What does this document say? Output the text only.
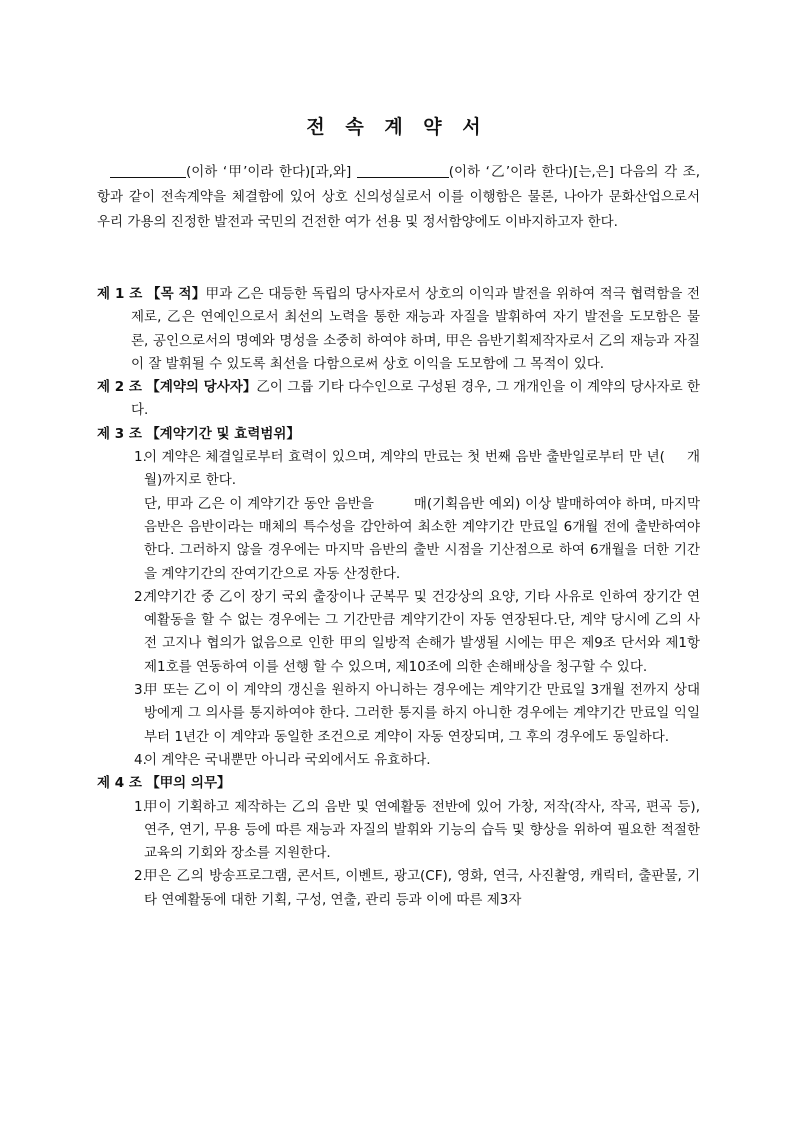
전 속 계 약 서
(이하 ‘甲’이라 한다)[과,와]	(이하 ‘乙’이라 한다)[는,은] 다음의 각 조, 항과 같이 전속계약을 체결함에 있어 상호 신의성실로서 이를 이행함은 물론, 나아가 문화산업으로서 우리 가용의 진정한 발전과 국민의 건전한 여가 선용 및 정서함양에도 이바지하고자 한다.
제 1 조 【목 적】甲과 乙은 대등한 독립의 당사자로서 상호의 이익과 발전을 위하여 적극 협력함을 전제로, 乙은 연예인으로서 최선의 노력을 통한 재능과 자질을 발휘하여 자기 발전을 도모함은 물론, 공인으로서의 명예와 명성을 소중히 하여야 하며, 甲은 음반기획제작자로서 乙의 재능과 자질이 잘 발휘될 수 있도록 최선을 다함으로써 상호 이익을 도모함에 그 목적이 있다.
제 2 조 【계약의 당사자】乙이 그룹 기타 다수인으로 구성된 경우, 그 개개인을 이 계약의 당사자로 한다.
제 3 조 【계약기간 및 효력범위】
1.
이 계약은 체결일로부터 효력이 있으며, 계약의 만료는 첫 번째 음반 출반일로부터 만 년( 개월)까지로 한다.
단, 甲과 乙은 이 계약기간 동안 음반을	매(기획음반 예외) 이상 발매하여야 하며, 마지막 음반은 음반이라는 매체의 특수성을 감안하여 최소한 계약기간 만료일 6개월 전에 출반하여야 한다. 그러하지 않을 경우에는 마지막 음반의 출반 시점을 기산점으로 하여 6개월을 더한 기간을 계약기간의 잔여기간으로 자동 산정한다.
2.
계약기간 중 乙이 장기 국외 출장이나 군복무 및 건강상의 요양, 기타 사유로 인하여 장기간 연예활동을 할 수 없는 경우에는 그 기간만큼 계약기간이 자동 연장된다.단, 계약 당시에 乙의 사전 고지나 협의가 없음으로 인한 甲의 일방적 손해가 발생될 시에는 甲은 제9조 단서와 제1항 제1호를 연동하여 이를 선행 할 수 있으며, 제10조에 의한 손해배상을 청구할 수 있다.
3.
甲 또는 乙이 이 계약의 갱신을 원하지 아니하는 경우에는 계약기간 만료일 3개월 전까지 상대방에게 그 의사를 통지하여야 한다. 그러한 통지를 하지 아니한 경우에는 계약기간 만료일 익일부터 1년간 이 계약과 동일한 조건으로 계약이 자동 연장되며, 그 후의 경우에도 동일하다.
4.
이 계약은 국내뿐만 아니라 국외에서도 유효하다.
제 4 조 【甲의 의무】
1.
甲이 기획하고 제작하는 乙의 음반 및 연예활동 전반에 있어 가창, 저작(작사, 작곡, 편곡 등), 연주, 연기, 무용 등에 따른 재능과 자질의 발휘와 기능의 습득 및 향상을 위하여 필요한 적절한 교육의 기회와 장소를 지원한다.
2.
甲은 乙의 방송프로그램, 콘서트, 이벤트, 광고(CF), 영화, 연극, 사진촬영, 캐릭터, 출판물, 기타 연예활동에 대한 기획, 구성, 연출, 관리 등과 이에 따른 제3자
